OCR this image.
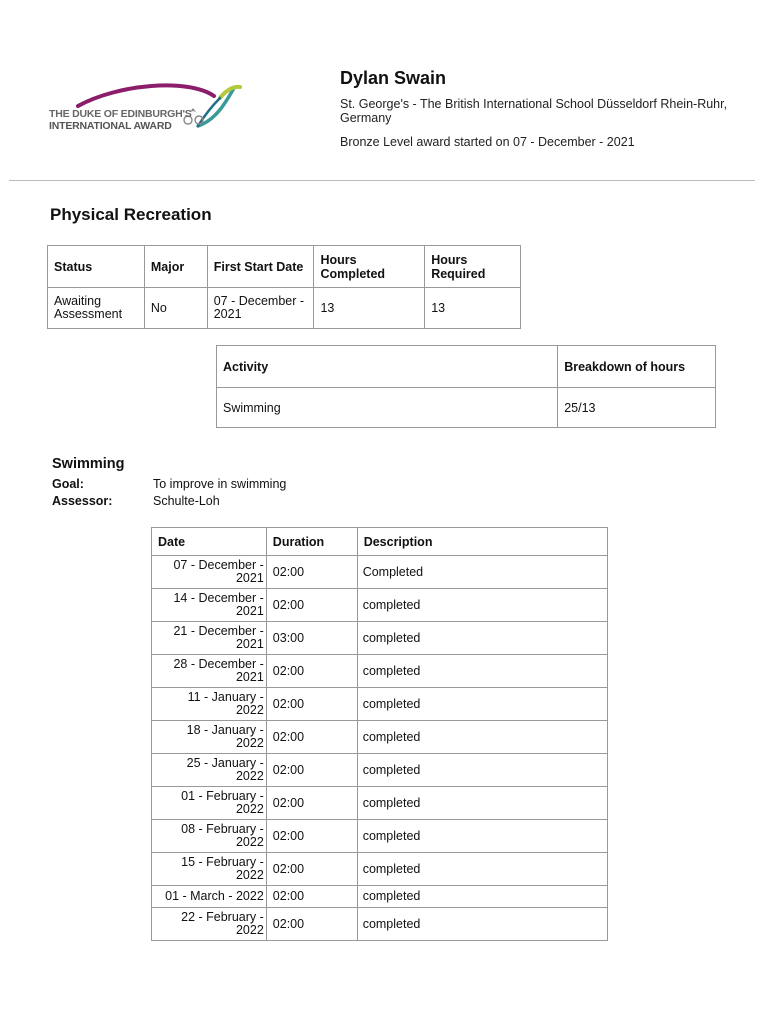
THE DUKE OF EDINBURGH'S
INTERNATIONAL AWARD
Dylan Swain
St. George's - The British International School Düsseldorf Rhein-Ruhr, Germany
Bronze Level award started on 07 - December - 2021
Physical Recreation
Status	Major	First Start Date	Hours Completed	Hours Required
Awaiting Assessment	No	07 - December - 2021	13	13
Activity	Breakdown of hours
Swimming	25/13
Swimming
Goal:	To improve in swimming
Assessor:	Schulte-Loh
Date	Duration	Description
07 - December - 2021	02:00	Completed
14 - December - 2021	02:00	completed
21 - December - 2021	03:00	completed
28 - December - 2021	02:00	completed
11 - January - 2022	02:00	completed
18 - January - 2022	02:00	completed
25 - January - 2022	02:00	completed
01 - February - 2022	02:00	completed
08 - February - 2022	02:00	completed
15 - February - 2022	02:00	completed
01 - March - 2022	02:00	completed
22 - February - 2022	02:00	completed
